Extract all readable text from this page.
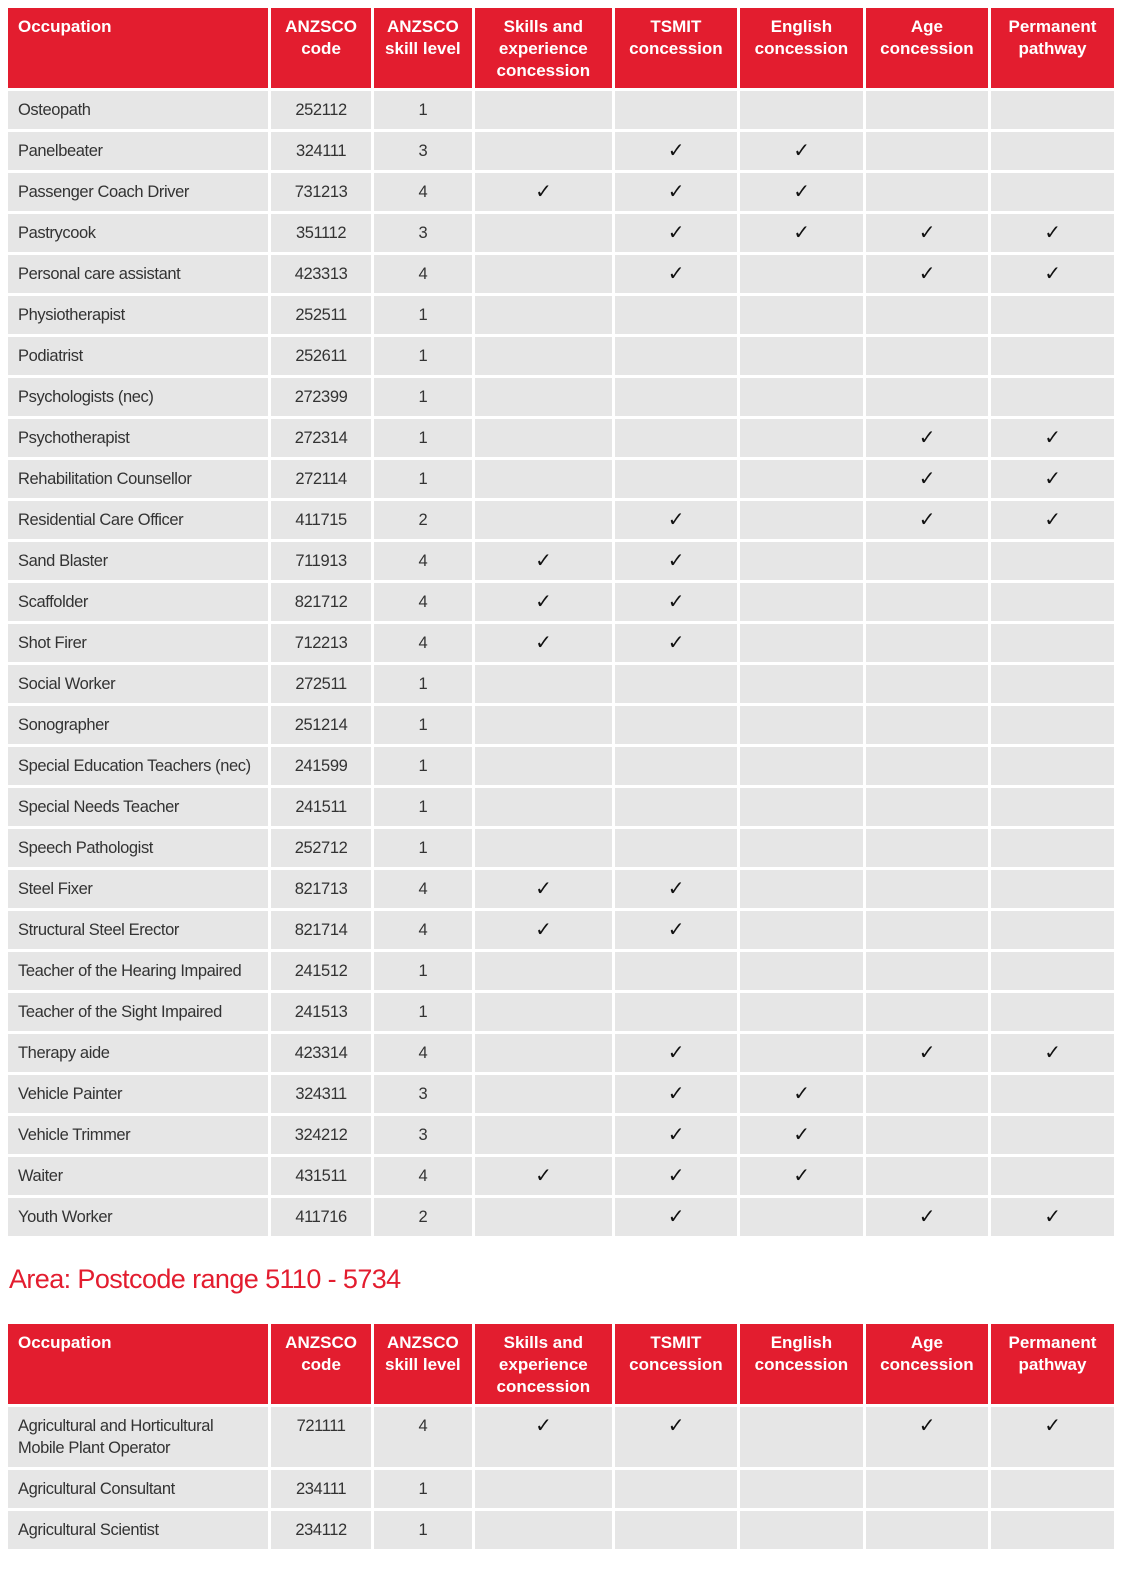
Occupation	ANZSCO code	ANZSCO skill level	Skills and experience concession	TSMIT concession	English concession	Age concession	Permanent pathway
Osteopath	252112	1					
Panelbeater	324111	3		✓	✓		
Passenger Coach Driver	731213	4	✓	✓	✓		
Pastrycook	351112	3		✓	✓	✓	✓
Personal care assistant	423313	4		✓		✓	✓
Physiotherapist	252511	1					
Podiatrist	252611	1					
Psychologists (nec)	272399	1					
Psychotherapist	272314	1				✓	✓
Rehabilitation Counsellor	272114	1				✓	✓
Residential Care Officer	411715	2		✓		✓	✓
Sand Blaster	711913	4	✓	✓			
Scaffolder	821712	4	✓	✓			
Shot Firer	712213	4	✓	✓			
Social Worker	272511	1					
Sonographer	251214	1					
Special Education Teachers (nec)	241599	1					
Special Needs Teacher	241511	1					
Speech Pathologist	252712	1					
Steel Fixer	821713	4	✓	✓			
Structural Steel Erector	821714	4	✓	✓			
Teacher of the Hearing Impaired	241512	1					
Teacher of the Sight Impaired	241513	1					
Therapy aide	423314	4		✓		✓	✓
Vehicle Painter	324311	3		✓	✓		
Vehicle Trimmer	324212	3		✓	✓		
Waiter	431511	4	✓	✓	✓		
Youth Worker	411716	2		✓		✓	✓
Area: Postcode range 5110 - 5734
Occupation	ANZSCO code	ANZSCO skill level	Skills and experience concession	TSMIT concession	English concession	Age concession	Permanent pathway
Agricultural and Horticultural Mobile Plant Operator	721111	4	✓	✓		✓	✓
Agricultural Consultant	234111	1					
Agricultural Scientist	234112	1					
